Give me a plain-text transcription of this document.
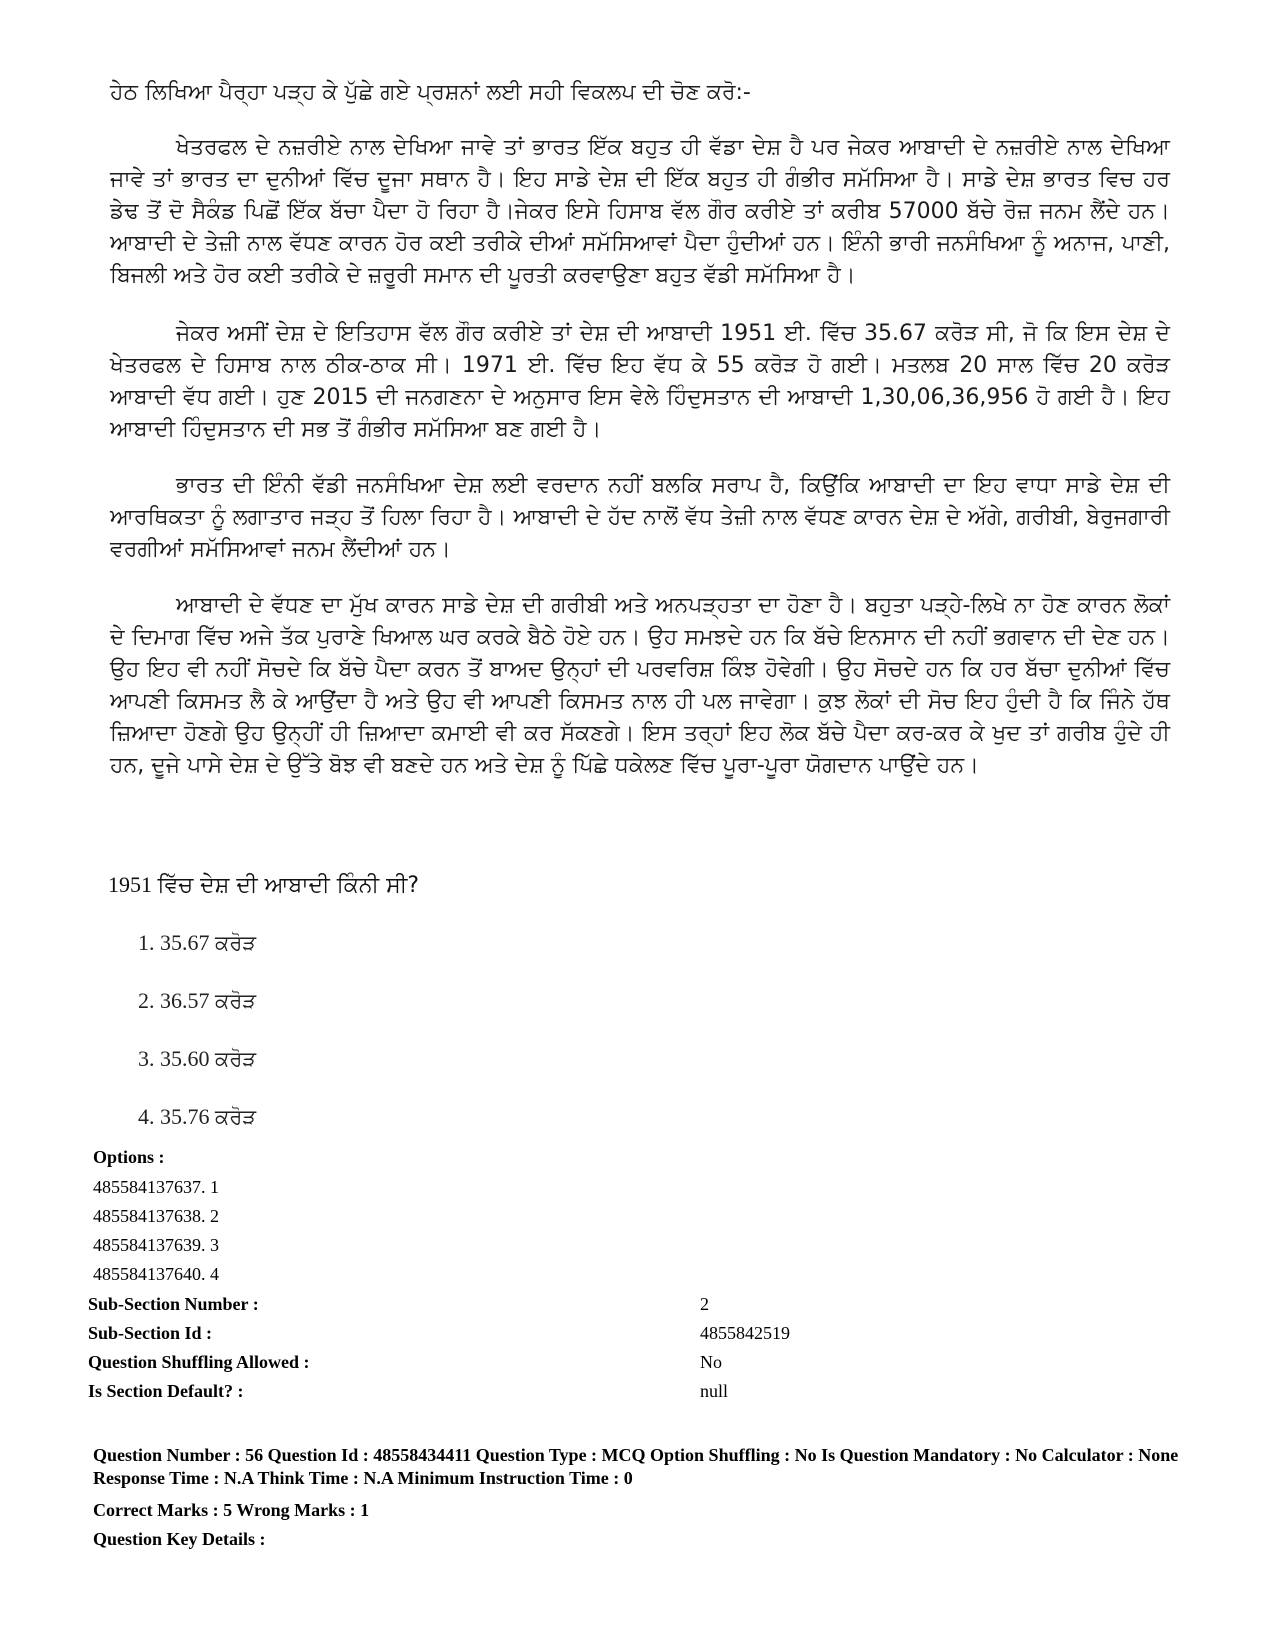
ਹੇਠ ਲਿਖਿਆ ਪੈਰ੍ਹਾ ਪੜ੍ਹ ਕੇ ਪੁੱਛੇ ਗਏ ਪ੍ਰਸ਼ਨਾਂ ਲਈ ਸਹੀ ਵਿਕਲਪ ਦੀ ਚੋਣ ਕਰੋ:-

ਖੇਤਰਫਲ ਦੇ ਨਜ਼ਰੀਏ ਨਾਲ ਦੇਖਿਆ ਜਾਵੇ ਤਾਂ ਭਾਰਤ ਇੱਕ ਬਹੁਤ ਹੀ ਵੱਡਾ ਦੇਸ਼ ਹੈ ਪਰ ਜੇਕਰ ਆਬਾਦੀ ਦੇ ਨਜ਼ਰੀਏ ਨਾਲ ਦੇਖਿਆ ਜਾਵੇ ਤਾਂ ਭਾਰਤ ਦਾ ਦੁਨੀਆਂ ਵਿੱਚ ਦੂਜਾ ਸਥਾਨ ਹੈ। ਇਹ ਸਾਡੇ ਦੇਸ਼ ਦੀ ਇੱਕ ਬਹੁਤ ਹੀ ਗੰਭੀਰ ਸਮੱਸਿਆ ਹੈ। ਸਾਡੇ ਦੇਸ਼ ਭਾਰਤ ਵਿਚ ਹਰ ਡੇਢ ਤੋਂ ਦੋ ਸੈਕੰਡ ਪਿਛੋਂ ਇੱਕ ਬੱਚਾ ਪੈਦਾ ਹੋ ਰਿਹਾ ਹੈ।ਜੇਕਰ ਇਸੇ ਹਿਸਾਬ ਵੱਲ ਗੌਰ ਕਰੀਏ ਤਾਂ ਕਰੀਬ 57000 ਬੱਚੇ ਰੋਜ਼ ਜਨਮ ਲੈਂਦੇ ਹਨ। ਆਬਾਦੀ ਦੇ ਤੇਜ਼ੀ ਨਾਲ ਵੱਧਣ ਕਾਰਨ ਹੋਰ ਕਈ ਤਰੀਕੇ ਦੀਆਂ ਸਮੱਸਿਆਵਾਂ ਪੈਦਾ ਹੁੰਦੀਆਂ ਹਨ। ਇੰਨੀ ਭਾਰੀ ਜਨਸੰਖਿਆ ਨੂੰ ਅਨਾਜ, ਪਾਣੀ, ਬਿਜਲੀ ਅਤੇ ਹੋਰ ਕਈ ਤਰੀਕੇ ਦੇ ਜ਼ਰੂਰੀ ਸਮਾਨ ਦੀ ਪੂਰਤੀ ਕਰਵਾਉਣਾ ਬਹੁਤ ਵੱਡੀ ਸਮੱਸਿਆ ਹੈ।

ਜੇਕਰ ਅਸੀਂ ਦੇਸ਼ ਦੇ ਇਤਿਹਾਸ ਵੱਲ ਗੌਰ ਕਰੀਏ ਤਾਂ ਦੇਸ਼ ਦੀ ਆਬਾਦੀ 1951 ਈ. ਵਿੱਚ 35.67 ਕਰੋੜ ਸੀ, ਜੋ ਕਿ ਇਸ ਦੇਸ਼ ਦੇ ਖੇਤਰਫਲ ਦੇ ਹਿਸਾਬ ਨਾਲ ਠੀਕ-ਠਾਕ ਸੀ। 1971 ਈ. ਵਿੱਚ ਇਹ ਵੱਧ ਕੇ 55 ਕਰੋੜ ਹੋ ਗਈ। ਮਤਲਬ 20 ਸਾਲ ਵਿੱਚ 20 ਕਰੋੜ ਆਬਾਦੀ ਵੱਧ ਗਈ। ਹੁਣ 2015 ਦੀ ਜਨਗਣਨਾ ਦੇ ਅਨੁਸਾਰ ਇਸ ਵੇਲੇ ਹਿੰਦੁਸਤਾਨ ਦੀ ਆਬਾਦੀ 1,30,06,36,956 ਹੋ ਗਈ ਹੈ। ਇਹ ਆਬਾਦੀ ਹਿੰਦੁਸਤਾਨ ਦੀ ਸਭ ਤੋਂ ਗੰਭੀਰ ਸਮੱਸਿਆ ਬਣ ਗਈ ਹੈ।

ਭਾਰਤ ਦੀ ਇੰਨੀ ਵੱਡੀ ਜਨਸੰਖਿਆ ਦੇਸ਼ ਲਈ ਵਰਦਾਨ ਨਹੀਂ ਬਲਕਿ ਸਰਾਪ ਹੈ, ਕਿਉਂਕਿ ਆਬਾਦੀ ਦਾ ਇਹ ਵਾਧਾ ਸਾਡੇ ਦੇਸ਼ ਦੀ ਆਰਥਿਕਤਾ ਨੂੰ ਲਗਾਤਾਰ ਜੜ੍ਹ ਤੋਂ ਹਿਲਾ ਰਿਹਾ ਹੈ। ਆਬਾਦੀ ਦੇ ਹੱਦ ਨਾਲੋਂ ਵੱਧ ਤੇਜ਼ੀ ਨਾਲ ਵੱਧਣ ਕਾਰਨ ਦੇਸ਼ ਦੇ ਅੱਗੇ, ਗਰੀਬੀ, ਬੇਰੁਜਗਾਰੀ ਵਰਗੀਆਂ ਸਮੱਸਿਆਵਾਂ ਜਨਮ ਲੈਂਦੀਆਂ ਹਨ।

ਆਬਾਦੀ ਦੇ ਵੱਧਣ ਦਾ ਮੁੱਖ ਕਾਰਨ ਸਾਡੇ ਦੇਸ਼ ਦੀ ਗਰੀਬੀ ਅਤੇ ਅਨਪੜ੍ਹਤਾ ਦਾ ਹੋਣਾ ਹੈ। ਬਹੁਤਾ ਪੜ੍ਹੇ-ਲਿਖੇ ਨਾ ਹੋਣ ਕਾਰਨ ਲੋਕਾਂ ਦੇ ਦਿਮਾਗ ਵਿੱਚ ਅਜੇ ਤੱਕ ਪੁਰਾਣੇ ਖਿਆਲ ਘਰ ਕਰਕੇ ਬੈਠੇ ਹੋਏ ਹਨ। ਉਹ ਸਮਝਦੇ ਹਨ ਕਿ ਬੱਚੇ ਇਨਸਾਨ ਦੀ ਨਹੀਂ ਭਗਵਾਨ ਦੀ ਦੇਣ ਹਨ। ਉਹ ਇਹ ਵੀ ਨਹੀਂ ਸੋਚਦੇ ਕਿ ਬੱਚੇ ਪੈਦਾ ਕਰਨ ਤੋਂ ਬਾਅਦ ਉਨ੍ਹਾਂ ਦੀ ਪਰਵਰਿਸ਼ ਕਿੰਝ ਹੋਵੇਗੀ। ਉਹ ਸੋਚਦੇ ਹਨ ਕਿ ਹਰ ਬੱਚਾ ਦੁਨੀਆਂ ਵਿੱਚ ਆਪਣੀ ਕਿਸਮਤ ਲੈ ਕੇ ਆਉਂਦਾ ਹੈ ਅਤੇ ਉਹ ਵੀ ਆਪਣੀ ਕਿਸਮਤ ਨਾਲ ਹੀ ਪਲ ਜਾਵੇਗਾ। ਕੁਝ ਲੋਕਾਂ ਦੀ ਸੋਚ ਇਹ ਹੁੰਦੀ ਹੈ ਕਿ ਜਿੰਨੇ ਹੱਥ ਜ਼ਿਆਦਾ ਹੋਣਗੇ ਉਹ ਉਨ੍ਹੀਂ ਹੀ ਜ਼ਿਆਦਾ ਕਮਾਈ ਵੀ ਕਰ ਸੱਕਣਗੇ। ਇਸ ਤਰ੍ਹਾਂ ਇਹ ਲੋਕ ਬੱਚੇ ਪੈਦਾ ਕਰ-ਕਰ ਕੇ ਖੁਦ ਤਾਂ ਗਰੀਬ ਹੁੰਦੇ ਹੀ ਹਨ, ਦੂਜੇ ਪਾਸੇ ਦੇਸ਼ ਦੇ ਉੱਤੇ ਬੋਝ ਵੀ ਬਣਦੇ ਹਨ ਅਤੇ ਦੇਸ਼ ਨੂੰ ਪਿੱਛੇ ਧਕੇਲਣ ਵਿੱਚ ਪੂਰਾ-ਪੂਰਾ ਯੋਗਦਾਨ ਪਾਉਂਦੇ ਹਨ।

1951 ਵਿੱਚ ਦੇਸ਼ ਦੀ ਆਬਾਦੀ ਕਿੰਨੀ ਸੀ?
1. 35.67 ਕਰੋੜ
2. 36.57 ਕਰੋੜ
3. 35.60 ਕਰੋੜ
4. 35.76 ਕਰੋੜ
Options :
485584137637. 1
485584137638. 2
485584137639. 3
485584137640. 4
Sub-Section Number :	2
Sub-Section Id :	4855842519
Question Shuffling Allowed :	No
Is Section Default? :	null
Question Number : 56 Question Id : 48558434411 Question Type : MCQ Option Shuffling : No Is Question Mandatory : No Calculator : None Response Time : N.A Think Time : N.A Minimum Instruction Time : 0
Correct Marks : 5 Wrong Marks : 1
Question Key Details :
